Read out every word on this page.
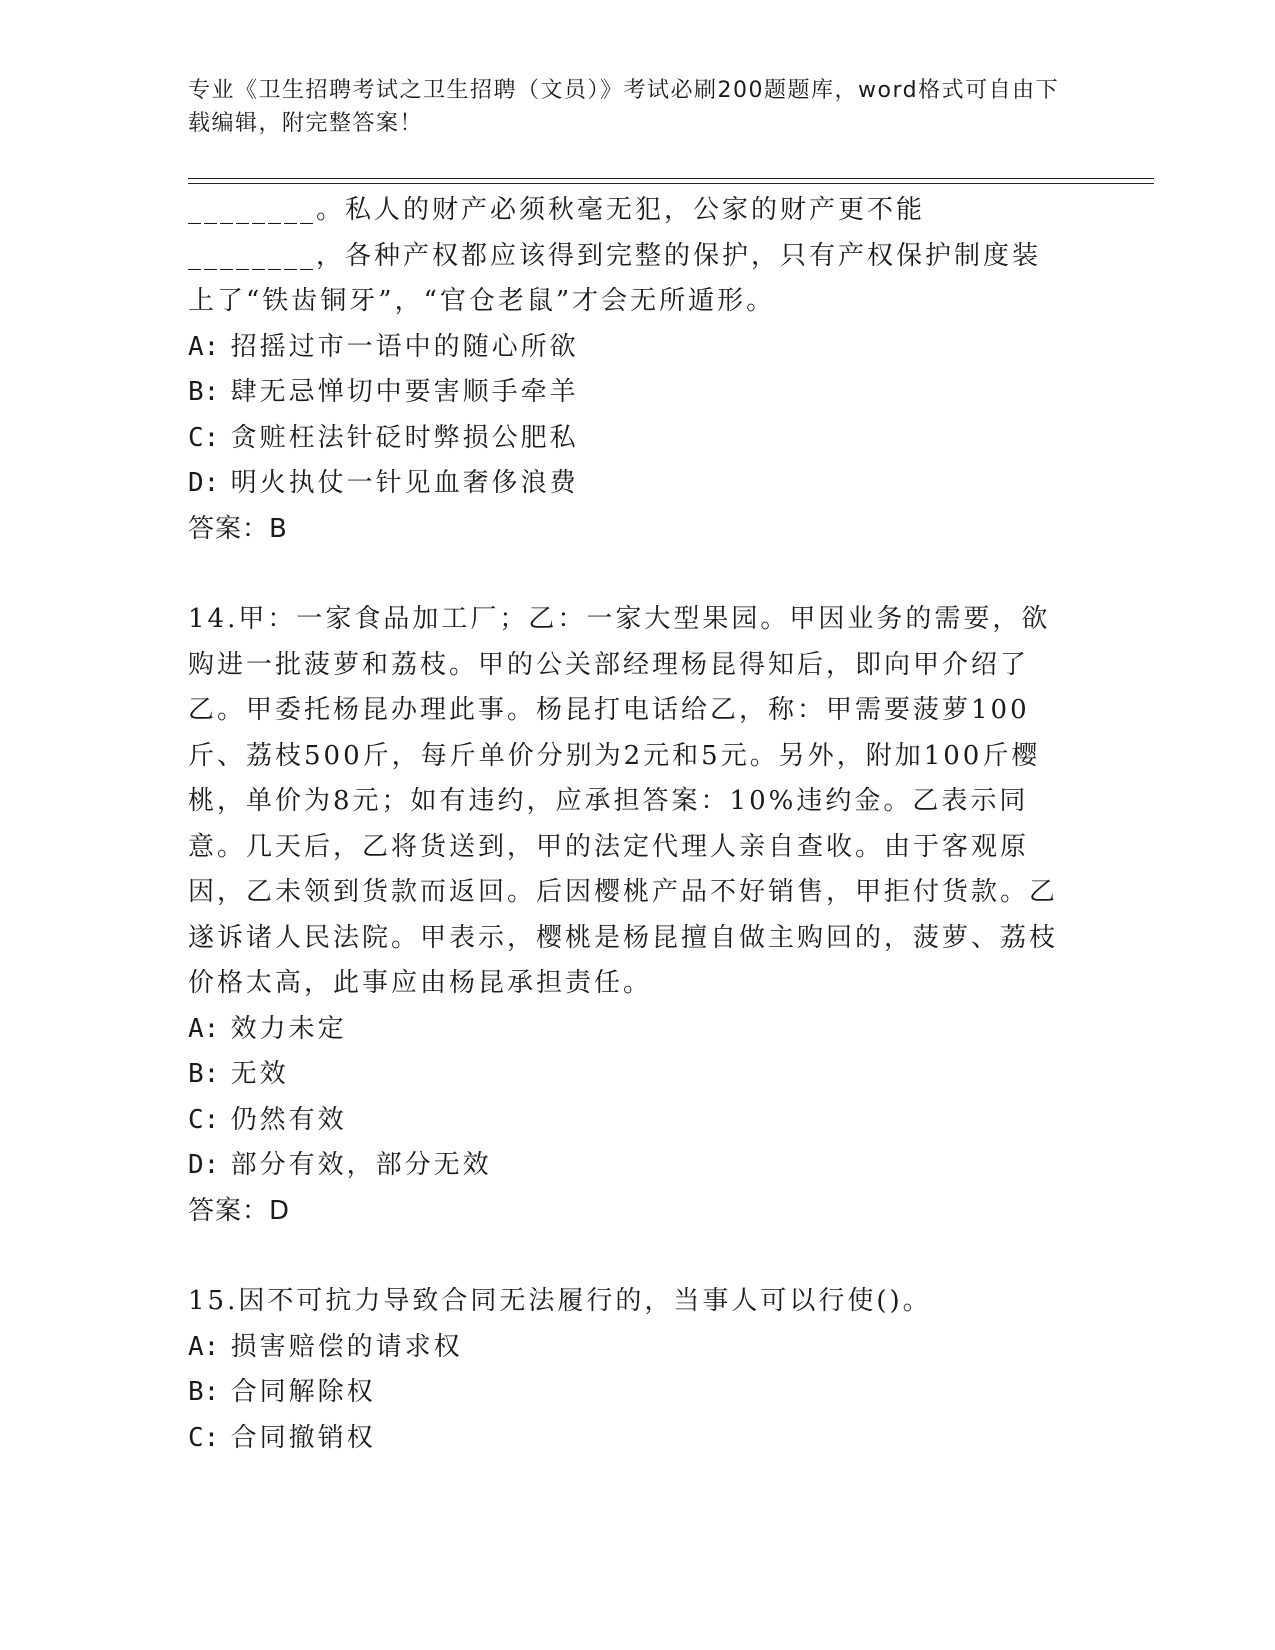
专业《卫生招聘考试之卫生招聘（文员）》考试必刷200题题库，word格式可自由下载编辑，附完整答案！

________。私人的财产必须秋毫无犯，公家的财产更不能________，各种产权都应该得到完整的保护，只有产权保护制度装上了“铁齿铜牙”，“官仓老鼠”才会无所遁形。

A: 招摇过市一语中的随心所欲

B: 肆无忌惮切中要害顺手牵羊

C: 贪赃枉法针砭时弊损公肥私

D: 明火执仗一针见血奢侈浪费

答案：B

14.甲：一家食品加工厂；乙：一家大型果园。甲因业务的需要，欲购进一批菠萝和荔枝。甲的公关部经理杨昆得知后，即向甲介绍了乙。甲委托杨昆办理此事。杨昆打电话给乙，称：甲需要菠萝100斤、荔枝500斤，每斤单价分别为2元和5元。另外，附加100斤樱桃，单价为8元；如有违约，应承担答案：10%违约金。乙表示同意。几天后，乙将货送到，甲的法定代理人亲自查收。由于客观原因，乙未领到货款而返回。后因樱桃产品不好销售，甲拒付货款。乙遂诉诸人民法院。甲表示，樱桃是杨昆擅自做主购回的，菠萝、荔枝价格太高，此事应由杨昆承担责任。

A: 效力未定

B: 无效

C: 仍然有效

D: 部分有效，部分无效

答案：D

15.因不可抗力导致合同无法履行的，当事人可以行使()。

A: 损害赔偿的请求权

B: 合同解除权

C: 合同撤销权
